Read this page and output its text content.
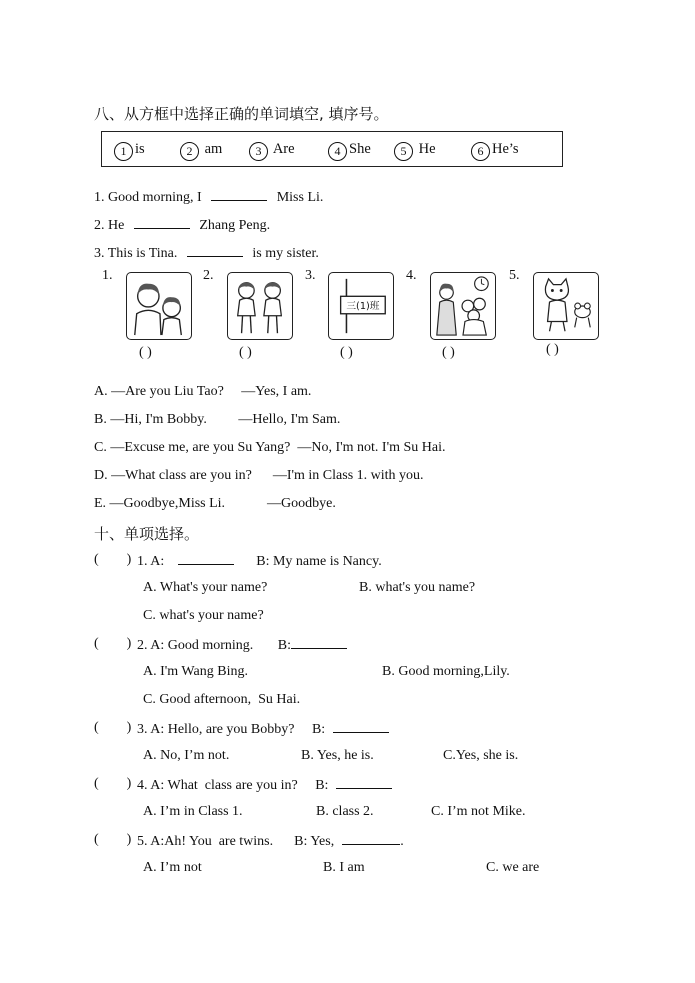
八、从方框中选择正确的单词填空, 填序号。
1 is	2 am	3 Are	4 She	5 He	6 He’s
1. Good morning, I	Miss Li.
2. He	Zhang Peng.
3. This is Tina.	is my sister.
1.	2.	3.	4.	5.
三(1)班
( )	( )	( )	( )	( )
A. —Are you Liu Tao?     —Yes, I am.
B. —Hi, I'm Bobby.         —Hello, I'm Sam.
C. —Excuse me, are you Su Yang?  —No, I'm not. I'm Su Hai.
D. —What class are you in?      —I'm in Class 1. with you.
E. —Goodbye,Miss Li.            —Goodbye.
十、单项选择。
(        ) 1. A:	B: My name is Nancy.
A. What's your name?	B. what's you name?
C. what's your name?
(        ) 2. A: Good morning.       B:
A. I'm Wang Bing.	B. Good morning,Lily.
C. Good afternoon,  Su Hai.
(        ) 3. A: Hello, are you Bobby?     B:
A. No, I’m not.	B. Yes, he is.	C.Yes, she is.
(        ) 4. A: What  class are you in?     B:
A. I’m in Class 1.	B. class 2.	C. I’m not Mike.
(        ) 5. A:Ah! You  are twins.      B: Yes,	.
A. I’m not	B. I am	C. we are
